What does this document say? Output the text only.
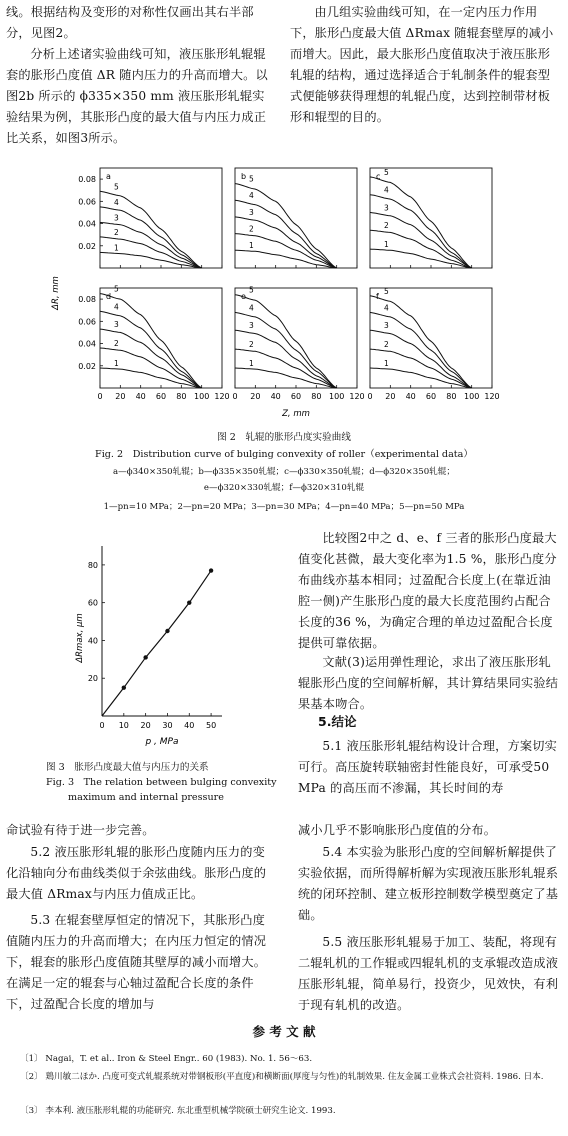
线。根据结构及变形的对称性仅画出其右半部分，见图2。
分析上述诸实验曲线可知，液压胀形轧辊辊套的胀形凸度值 ΔR 随内压力的升高而增大。以图2b 所示的 ϕ335×350 mm 液压胀形轧辊实验结果为例，其胀形凸度的最大值与内压力成正比关系，如图3所示。
由几组实验曲线可知，在一定内压力作用下，胀形凸度最大值 ΔRmax 随辊套壁厚的减小而增大。因此，最大胀形凸度值取决于液压胀形轧辊的结构，通过选择适合于轧制条件的辊套型式便能够获得理想的轧辊凸度，达到控制带材板形和辊型的目的。
0.08
0.06
0.04
0.02
a
1
2
3
4
5
b
1
2
3
4
5	c
1
2
3
4
5
0.08
0.06
0.04
0.02
0 20 40 60 80 100 120
d
1
2
3
4
5
0 20 40 60 80 100 120
e
1
2
3
4
5
0 20 40 60 80 100 120
f
1
2
3
4
5
ΔR, mm
Z, mm
图 2　轧辊的胀形凸度实验曲线
Fig. 2　Distribution curve of bulging convexity of roller（experimental data）
a—ϕ340×350轧辊；b—ϕ335×350轧辊；c—ϕ330×350轧辊；d—ϕ320×350轧辊；
e—ϕ320×330轧辊；f—ϕ320×310轧辊
1—pn=10 MPa；2—pn=20 MPa；3—pn=30 MPa；4—pn=40 MPa；5—pn=50 MPa
20
40
60
80
0 10 20 30 40 50
ΔRmax, μm
p , MPa
图 3　胀形凸度最大值与内压力的关系
Fig. 3　The relation between bulging convexity
maximum and internal pressure
比较图2中之 d、e、f 三者的胀形凸度最大值变化甚微，最大变化率为1.5 %，胀形凸度分布曲线亦基本相同；过盈配合长度上(在靠近油腔一侧)产生胀形凸度的最大长度范围约占配合长度的36 %，为确定合理的单边过盈配合长度提供可靠依据。
文献(3)运用弹性理论，求出了液压胀形轧辊胀形凸度的空间解析解，其计算结果同实验结果基本吻合。
5.结论
5.1 液压胀形轧辊结构设计合理，方案切实可行。高压旋转联轴密封性能良好，可承受50 MPa 的高压而不渗漏，其长时间的寿
命试验有待于进一步完善。
5.2 液压胀形轧辊的胀形凸度随内压力的变化沿轴向分布曲线类似于余弦曲线。胀形凸度的最大值 ΔRmax与内压力值成正比。
5.3 在辊套壁厚恒定的情况下，其胀形凸度值随内压力的升高而增大；在内压力恒定的情况下，辊套的胀形凸度值随其壁厚的减小而增大。在满足一定的辊套与心轴过盈配合长度的条件下，过盈配合长度的增加与
减小几乎不影响胀形凸度值的分布。
5.4 本实验为胀形凸度的空间解析解提供了实验依据，而所得解析解为实现液压胀形轧辊系统的闭环控制、建立板形控制数学模型奠定了基础。
5.5 液压胀形轧辊易于加工、装配，将现有二辊轧机的工作辊或四辊轧机的支承辊改造成液压胀形轧辊，简单易行，投资少，见效快，有利于现有轧机的改造。
参 考 文 献
〔1〕 Nagai，T. et al.. Iron & Steel Engr.. 60 (1983). No. 1. 56～63.
〔2〕 鶏川敏二ほか. 凸度可变式轧辊系统对带钢板形(平直度)和横断面(厚度与匀性)的轧制效果. 住友金属工业株式会社资料. 1986. 日本.
〔3〕 李本利. 液压胀形轧辊的功能研究. 东北重型机械学院硕士研究生论文. 1993.
